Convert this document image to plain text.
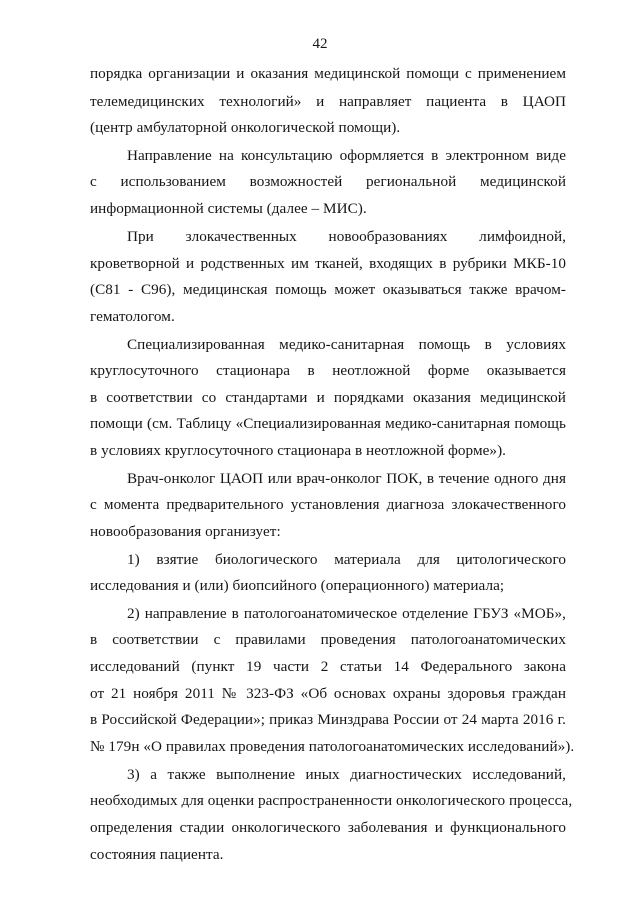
42
порядка организации и оказания медицинской помощи с применением
телемедицинских технологий» и направляет пациента в ЦАОП
(центр амбулаторной онкологической помощи).
Направление на консультацию оформляется в электронном виде
с использованием возможностей региональной медицинской
информационной системы (далее – МИС).
При злокачественных новообразованиях лимфоидной,
кроветворной и родственных им тканей, входящих в рубрики МКБ-10
(С81 - С96), медицинская помощь может оказываться также врачом-
гематологом.
Специализированная медико-санитарная помощь в условиях
круглосуточного стационара в неотложной форме оказывается
в соответствии со стандартами и порядками оказания медицинской
помощи (см. Таблицу «Специализированная медико-санитарная помощь
в условиях круглосуточного стационара в неотложной форме»).
Врач-онколог ЦАОП или врач-онколог ПОК, в течение одного дня
с момента предварительного установления диагноза злокачественного
новообразования организует:
1) взятие биологического материала для цитологического
исследования и (или) биопсийного (операционного) материала;
2) направление в патологоанатомическое отделение ГБУЗ «МОБ»,
в соответствии с правилами проведения патологоанатомических
исследований (пункт 19 части 2 статьи 14 Федерального закона
от 21 ноября 2011 № 323-ФЗ «Об основах охраны здоровья граждан
в Российской Федерации»; приказ Минздрава России от 24 марта 2016 г.
№ 179н «О правилах проведения патологоанатомических исследований»).
3) а также выполнение иных диагностических исследований,
необходимых для оценки распространенности онкологического процесса,
определения стадии онкологического заболевания и функционального
состояния пациента.
